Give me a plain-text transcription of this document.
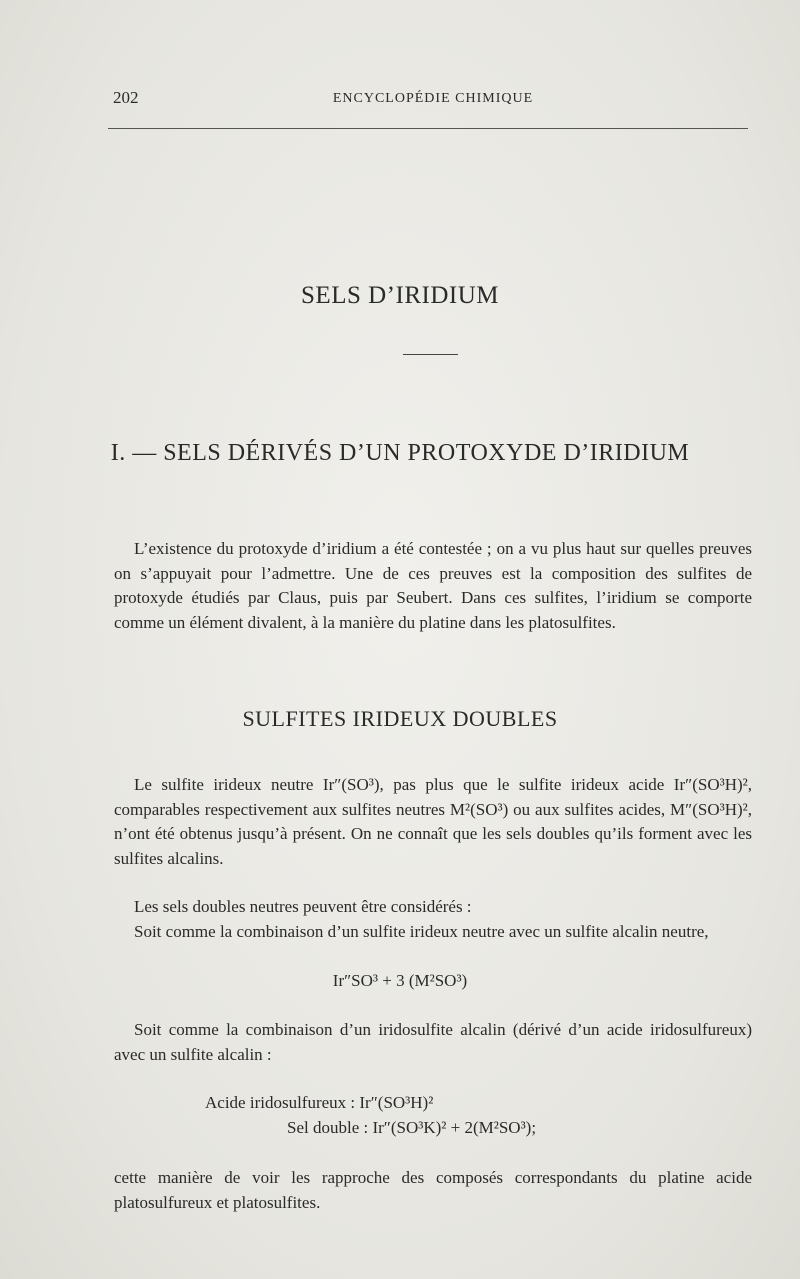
202	ENCYCLOPÉDIE CHIMIQUE
SELS D’IRIDIUM
I. — SELS DÉRIVÉS D’UN PROTOXYDE D’IRIDIUM

L’existence du protoxyde d’iridium a été contestée ; on a vu plus haut sur quelles preuves on s’appuyait pour l’admettre. Une de ces preuves est la composition des sulfites de protoxyde étudiés par Claus, puis par Seubert. Dans ces sulfites, l’iridium se comporte comme un élément divalent, à la manière du platine dans les platosulfites.

SULFITES IRIDEUX DOUBLES

Le sulfite irideux neutre Ir″(SO³), pas plus que le sulfite irideux acide Ir″(SO³H)², comparables respectivement aux sulfites neutres M²(SO³) ou aux sulfites acides, M″(SO³H)², n’ont été obtenus jusqu’à présent. On ne connaît que les sels doubles qu’ils forment avec les sulfites alcalins.

Les sels doubles neutres peuvent être considérés :

Soit comme la combinaison d’un sulfite irideux neutre avec un sulfite alcalin neutre,

Ir″SO³ + 3 (M²SO³)

Soit comme la combinaison d’un iridosulfite alcalin (dérivé d’un acide iridosulfureux) avec un sulfite alcalin :

Acide iridosulfureux : Ir″(SO³H)²
Sel double : Ir″(SO³K)² + 2(M²SO³);

cette manière de voir les rapproche des composés correspondants du platine acide platosulfureux et platosulfites.
